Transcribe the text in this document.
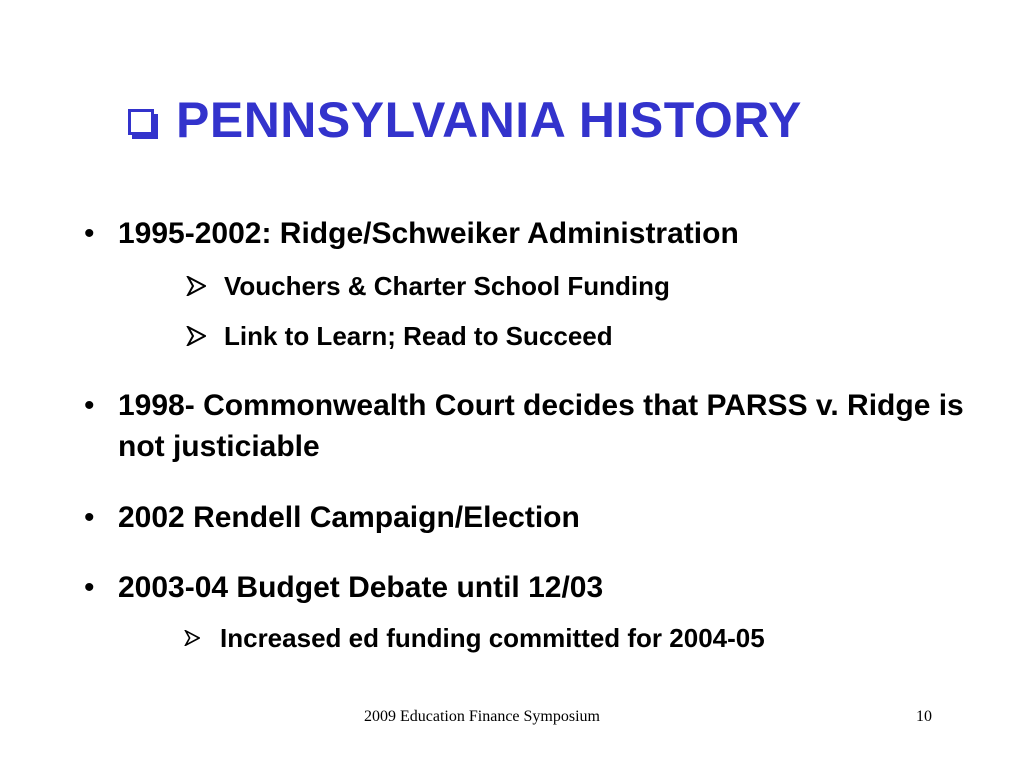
PENNSYLVANIA HISTORY
• 1995-2002: Ridge/Schweiker Administration
Vouchers & Charter School Funding
Link to Learn; Read to Succeed
• 1998- Commonwealth Court decides that PARSS v. Ridge is not justiciable
• 2002 Rendell Campaign/Election
• 2003-04 Budget Debate until 12/03
Increased ed funding committed for 2004-05
2009 Education Finance Symposium	10
